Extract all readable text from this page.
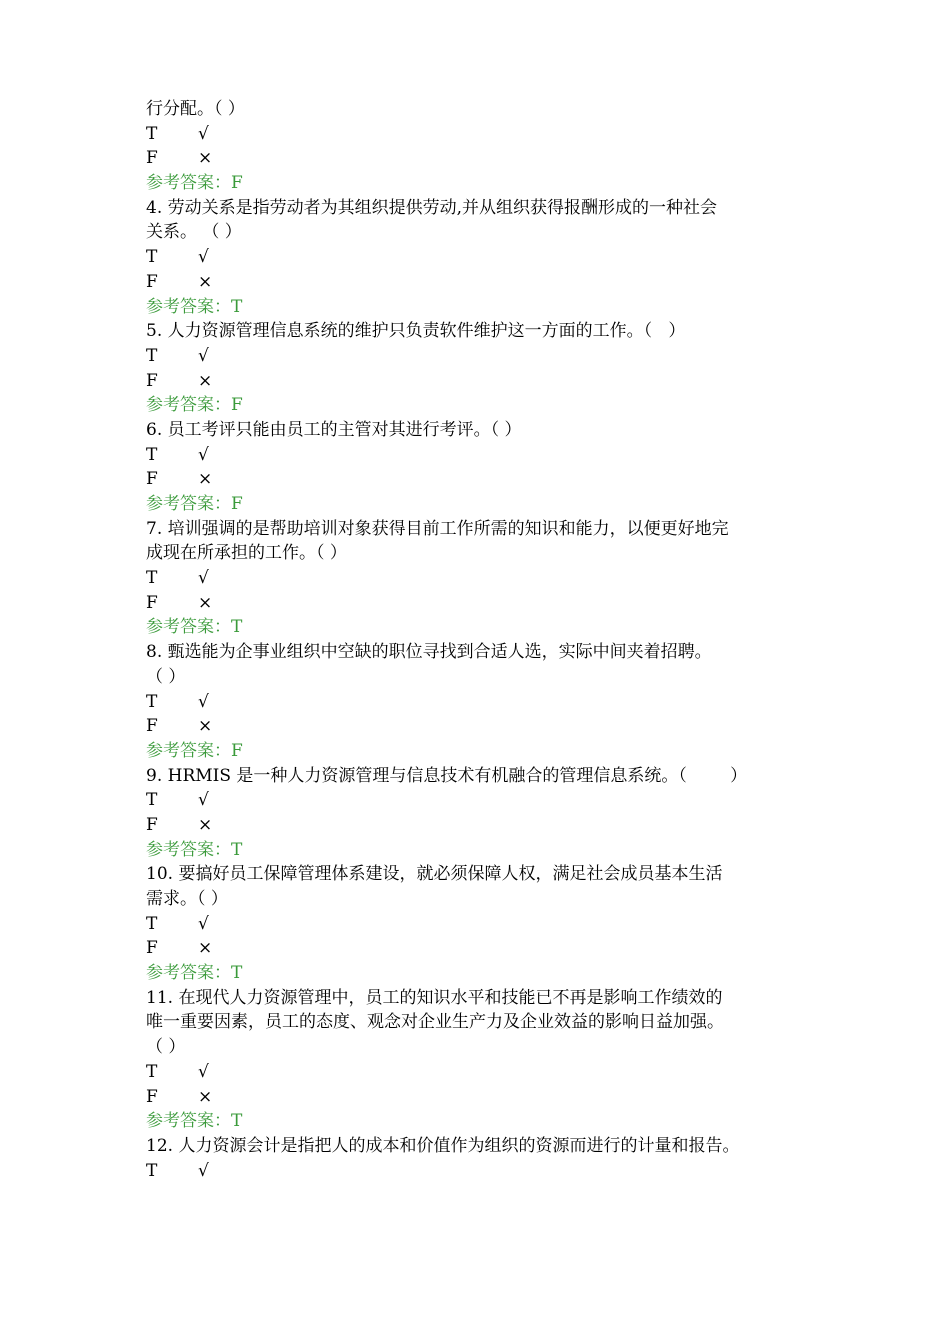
行分配。（ ）
T √
F ×
参考答案：F
4. 劳动关系是指劳动者为其组织提供劳动,并从组织获得报酬形成的一种社会
关系。 （ ）
T √
F ×
参考答案：T
5. 人力资源管理信息系统的维护只负责软件维护这一方面的工作。（   ）
T √
F ×
参考答案：F
6. 员工考评只能由员工的主管对其进行考评。（ ）
T √
F ×
参考答案：F
7. 培训强调的是帮助培训对象获得目前工作所需的知识和能力，以便更好地完
成现在所承担的工作。（ ）
T √
F ×
参考答案：T
8. 甄选能为企事业组织中空缺的职位寻找到合适人选，实际中间夹着招聘。
（ ）
T √
F ×
参考答案：F
9. HRMIS 是一种人力资源管理与信息技术有机融合的管理信息系统。（        ）
T √
F ×
参考答案：T
10. 要搞好员工保障管理体系建设，就必须保障人权，满足社会成员基本生活
需求。（ ）
T √
F ×
参考答案：T
11. 在现代人力资源管理中，员工的知识水平和技能已不再是影响工作绩效的
唯一重要因素，员工的态度、观念对企业生产力及企业效益的影响日益加强。
（ ）
T √
F ×
参考答案：T
12. 人力资源会计是指把人的成本和价值作为组织的资源而进行的计量和报告。
T √
